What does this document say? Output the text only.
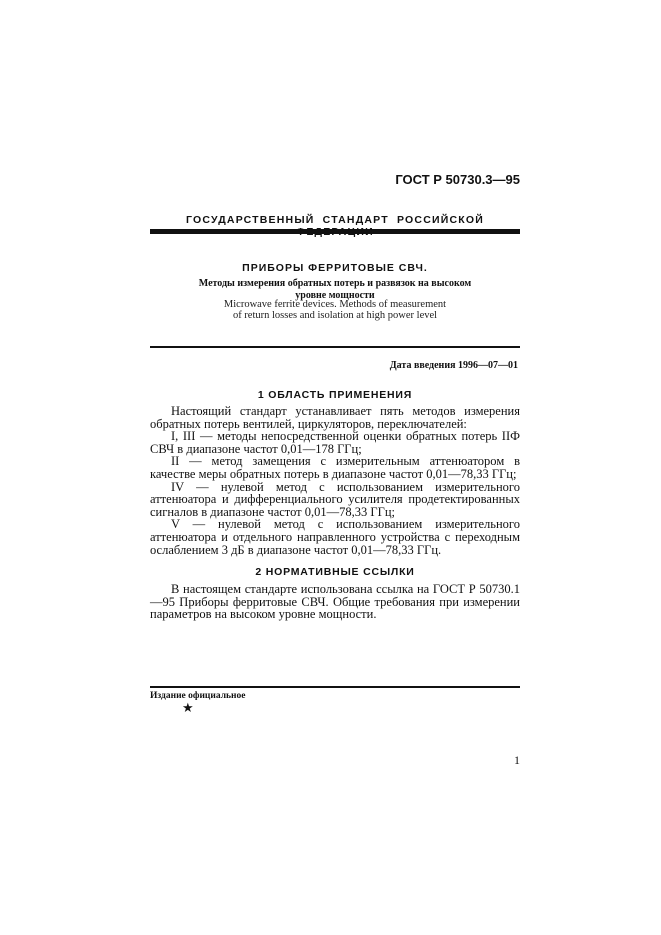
ГОСТ Р 50730.3—95
ГОСУДАРСТВЕННЫЙ СТАНДАРТ РОССИЙСКОЙ
ПРИБОРЫ ФЕРРИТОВЫЕ СВЧ.
Методы измерения обратных потерь и развязок на высоком
уровне мощности
Microwave ferrite devices. Methods of measurement
of return losses and isolation at high power level
Дата введения 1996—07—01
1 ОБЛАСТЬ ПРИМЕНЕНИЯ

Настоящий стандарт устанавливает пять методов измерения обратных потерь вентилей, циркуляторов, переключателей:

I, III — методы непосредственной оценки обратных потерь IIФ СВЧ в диапазоне частот 0,01—178 ГГц;

II — метод замещения с измерительным аттенюатором в качестве меры обратных потерь в диапазоне частот 0,01—78,33 ГГц;

IV — нулевой метод с использованием измерительного аттенюатора и дифференциального усилителя продетектированных сигналов в диапазоне частот 0,01—78,33 ГГц;

V — нулевой метод с использованием измерительного аттенюатора и отдельного направленного устройства с переходным ослаблением 3 дБ в диапазоне частот 0,01—78,33 ГГц.

2 НОРМАТИВНЫЕ ССЫЛКИ

В настоящем стандарте использована ссылка на ГОСТ Р 50730.1—95 Приборы ферритовые СВЧ. Общие требования при измерении параметров на высоком уровне мощности.

Издание официальное
★
1
